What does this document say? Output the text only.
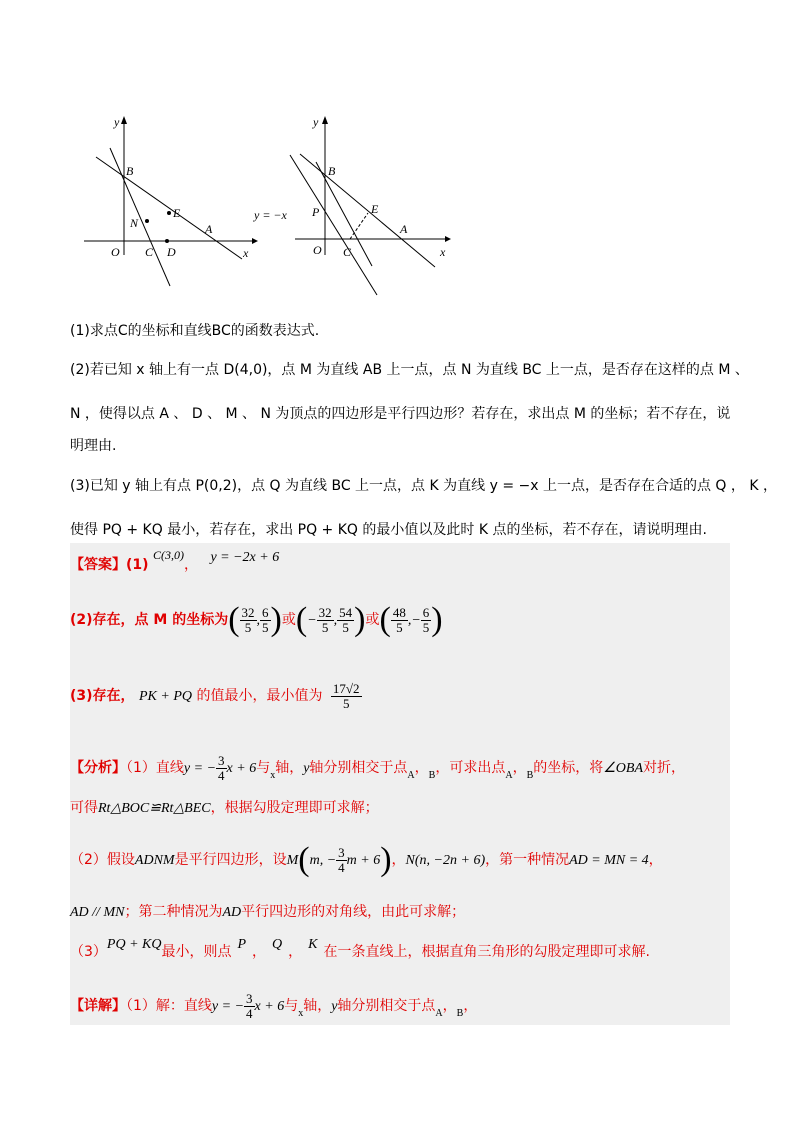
y
x
O
B
N
E
A
C D
y
x
O
B
P	E
A
C
y = −x
(1)求点C的坐标和直线BC的函数表达式.
(2)若已知 x 轴上有一点 D(4,0)，点 M 为直线 AB 上一点，点 N 为直线 BC 上一点，是否存在这样的点 M 、
N ，使得以点 A 、 D 、 M 、 N 为顶点的四边形是平行四边形？若存在，求出点 M 的坐标；若不存在，说
明理由.
(3)已知 y 轴上有点 P(0,2)，点 Q 为直线 BC 上一点，点 K 为直线 y = −x 上一点，是否存在合适的点 Q ， K ，
使得 PQ + KQ 最小，若存在，求出 PQ + KQ 的最小值以及此时 K 点的坐标，若不存在，请说明理由.
【答案】(1) C(3,0)， y = −2x + 6
(2)存在，点 M 的坐标为( $\frac{32}{5}$ , $\frac{6}{5}$ )或(− $\frac{32}{5}$ , $\frac{54}{5}$ )或( $\frac{48}{5}$ ,− $\frac{6}{5}$ )
(3)存在， PK + PQ 的值最小，最小值为 $\frac{17√2}{5}$
【分析】（1）直线y = − $\frac{3}{4}$ x + 6与$_x$轴，y轴分别相交于点$_A$，$_B$，可求出点$_A$，$_B$的坐标，将∠OBA对折，
可得Rt△BOC≌Rt△BEC，根据勾股定理即可求解；
（2）假设ADNM是平行四边形，设M(m, − $\frac{3}{4}$ m + 6)，N(n, −2n + 6)，第一种情况AD = MN = 4，
AD // MN；第二种情况为AD平行四边形的对角线，由此可求解；
（3）PQ + KQ最小，则点 P ， Q ， K 在一条直线上，根据直角三角形的勾股定理即可求解.
【详解】（1）解：直线y = − $\frac{3}{4}$ x + 6与$_x$轴，y轴分别相交于点$_A$，$_B$，
